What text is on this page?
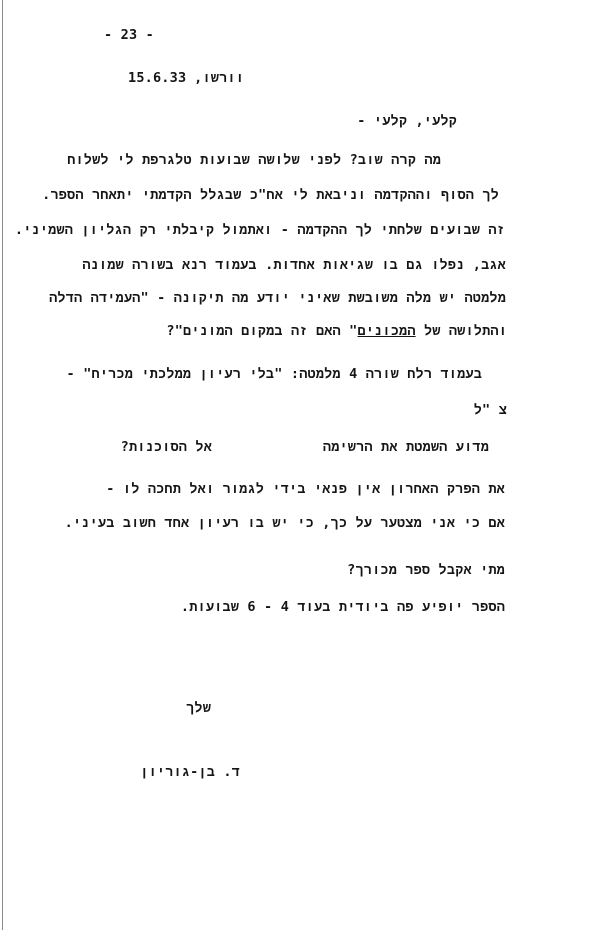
- 23 -
15.6.33 וורשו,
קלעי, קלעי -
מה קרה שוב? לפני שלושה שבועות טלגרפת לי לשלוח
לך הסוף וההקדמה וניבאת לי אח"כ שבגלל הקדמתי יתאחר הספר.
זה שבועים שלחתי לך ההקדמה - ואתמול קיבלתי רק הגליון השמיני.
אגב, נפלו גם בו שגיאות אחדות. בעמוד רנא בשורה שמונה
מלמטה יש מלה משובשת שאיני יודע מה תיקונה - "העמידה הדלה
והתלושה של המכונים" האם זה במקום המונים"?
בעמוד רלח שורה 4 מלמטה: "בלי רעיון ממלכתי מכריח" -
צ "ל
מדוע השמטת את הרשימה
אל הסוכנות?
את הפרק האחרון אין פנאי בידי לגמור ואל תחכה לו -
אם כי אני מצטער על כך, כי יש בו רעיון אחד חשוב בעיני.
מתי אקבל ספר מכורך?
הספר יופיע פה ביודית בעוד 4 - 6 שבועות.
שלך
ד. בן-גוריון
